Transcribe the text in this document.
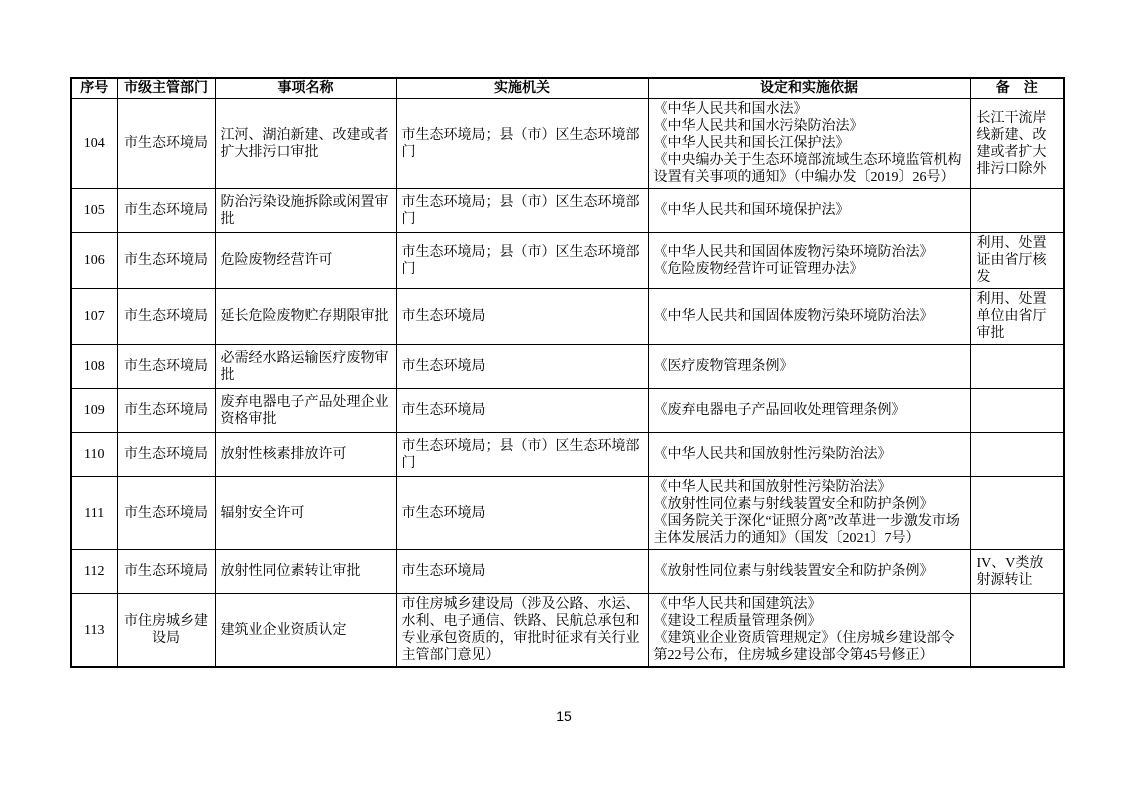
序号	市级主管部门	事项名称	实施机关	设定和实施依据	备　注
104	市生态环境局	江河、湖泊新建、改建或者扩大排污口审批	市生态环境局；县（市）区生态环境部门	《中华人民共和国水法》
《中华人民共和国水污染防治法》
《中华人民共和国长江保护法》
《中央编办关于生态环境部流域生态环境监管机构设置有关事项的通知》（中编办发〔2019〕26号）	长江干流岸线新建、改建或者扩大排污口除外
105	市生态环境局	防治污染设施拆除或闲置审批	市生态环境局；县（市）区生态环境部门	《中华人民共和国环境保护法》	

106	市生态环境局	危险废物经营许可	市生态环境局；县（市）区生态环境部门	《中华人民共和国固体废物污染环境防治法》
《危险废物经营许可证管理办法》	利用、处置证由省厅核发
107	市生态环境局	延长危险废物贮存期限审批	市生态环境局	《中华人民共和国固体废物污染环境防治法》	利用、处置单位由省厅审批
108	市生态环境局	必需经水路运输医疗废物审批	市生态环境局	《医疗废物管理条例》	

109	市生态环境局	废弃电器电子产品处理企业资格审批	市生态环境局	《废弃电器电子产品回收处理管理条例》	

110	市生态环境局	放射性核素排放许可	市生态环境局；县（市）区生态环境部门	《中华人民共和国放射性污染防治法》	

111	市生态环境局	辐射安全许可	市生态环境局	《中华人民共和国放射性污染防治法》
《放射性同位素与射线装置安全和防护条例》
《国务院关于深化“证照分离”改革进一步激发市场主体发展活力的通知》（国发〔2021〕7号）	

112	市生态环境局	放射性同位素转让审批	市生态环境局	《放射性同位素与射线装置安全和防护条例》	IV、V类放射源转让
113	市住房城乡建设局	建筑业企业资质认定	市住房城乡建设局（涉及公路、水运、水利、电子通信、铁路、民航总承包和专业承包资质的，审批时征求有关行业主管部门意见）	《中华人民共和国建筑法》
《建设工程质量管理条例》
《建筑业企业资质管理规定》（住房城乡建设部令第22号公布，住房城乡建设部令第45号修正）	

15
